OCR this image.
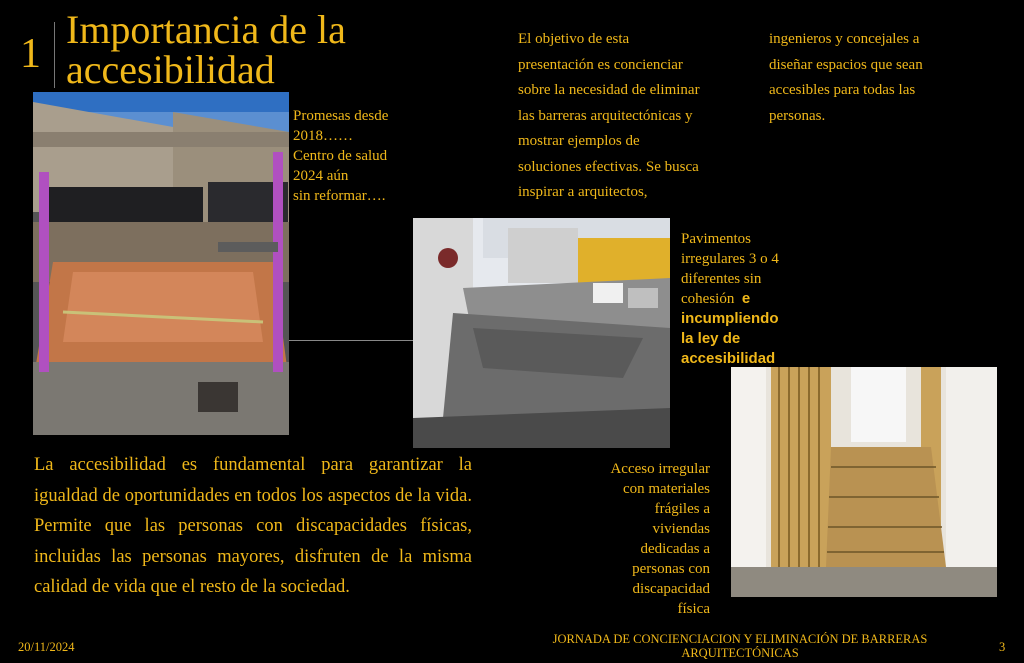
1
Importancia de la accesibilidad
Promesas desde
2018……
Centro de salud
2024 aún
sin reformar….
Pavimentos
irregulares 3 o 4
diferentes sin
cohesión e
incumpliendo
la ley de
accesibilidad
Acceso irregular
con materiales
frágiles a
viviendas
dedicadas a
personas con
discapacidad
física
El objetivo de esta
presentación es concienciar
sobre la necesidad de eliminar
las barreras arquitectónicas y
mostrar ejemplos de
soluciones efectivas. Se busca
inspirar a arquitectos,
ingenieros y concejales a
diseñar espacios que sean
accesibles para todas las
personas.
La accesibilidad es fundamental para garantizar la igualdad de oportunidades en todos los aspectos de la vida. Permite que las personas con discapacidades físicas, incluidas las personas mayores, disfruten de la misma calidad de vida que el resto de la sociedad.
20/11/2024
JORNADA DE CONCIENCIACION Y ELIMINACIÓN DE BARRERAS
ARQUITECTÓNICAS	3
